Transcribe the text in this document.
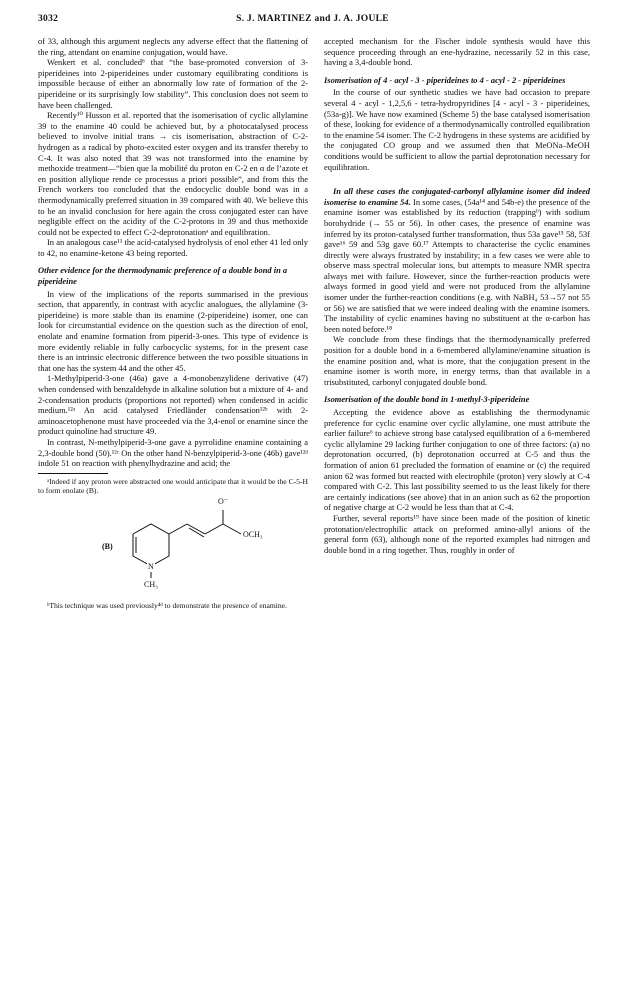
3032	S. J. MARTINEZ and J. A. JOULE

of 33, although this argument neglects any adverse effect that the flattening of the ring, attendant on enamine conjugation, would have.

Wenkert et al. concluded⁶ that “the base-promoted conversion of 3-piperideines into 2-piperideines under customary equilibrating conditions is impossible because of either an abnormally low rate of formation of the 2-piperideine or its surprisingly low stability”. This conclusion does not seem to have been challenged.

Recently¹⁰ Husson et al. reported that the isomerisation of cyclic allylamine 39 to the enamine 40 could be achieved but, by a photocatalysed process believed to involve initial trans → cis isomerisation, abstraction of C-2-hydrogen as a radical by photo-excited ester oxygen and its transfer thereby to C-4. It was also noted that 39 was not transformed into the enamine by methoxide treatment—“bien que la mobilité du proton en C-2 en α de l’azote et en position allylique rende ce processus a priori possible”, and from this the French workers too concluded that the endocyclic double bond was in a thermodynamically preferred situation in 39 compared with 40. We believe this to be an invalid conclusion for here again the cross conjugated ester can have negligible effect on the acidity of the C-2-protons in 39 and thus methoxide could not be expected to effect C-2-deprotonationᵃ and equilibration.

In an analogous case¹¹ the acid-catalysed hydrolysis of enol ether 41 led only to 42, no enamine-ketone 43 being reported.

Other evidence for the thermodynamic preference of a double bond in a piperideine

In view of the implications of the reports summarised in the previous section, that apparently, in contrast with acyclic analogues, the allylamine (3-piperideine) is more stable than its enamine (2-piperideine) isomer, one can look for circumstantial evidence on the question such as the direction of enol, enolate and enamine formation from piperid-3-ones. This type of evidence is more evidently reliable in fully carbocyclic systems, for in the present case there is an intrinsic electronic difference between the two possible situations in that one has the system 44 and the other 45.

1-Methylpiperid-3-one (46a) gave a 4-monobenzylidene derivative (47) when condensed with benzaldehyde in alkaline solution but a mixture of 4- and 2-condensation products (proportions not reported) when condensed in acidic medium.¹²ᵃ An acid catalysed Friedländer condensation¹²ᵇ with 2-aminoacetophenone must have proceeded via the 3,4-enol or enamine since the product quinoline had structure 49.

In contrast, N-methylpiperid-3-one gave a pyrrolidine enamine containing a 2,3-double bond (50).¹²ᶜ On the other hand N-benzylpiperid-3-one (46b) gave¹²ᵈ indole 51 on reaction with phenylhydrazine and acid; the

ᵃIndeed if any proton were abstracted one would anticipate that it would be the C-5-H to form enolate (B).

(B)
O⁻
OCH₃
N
CH₃

ᵇThis technique was used previously⁴ᵈ to demonstrate the presence of enamine.

accepted mechanism for the Fischer indole synthesis would have this sequence proceeding through an ene-hydrazine, necessarily 52 in this case, having a 3,4-double bond.

Isomerisation of 4 - acyl - 3 - piperideines to 4 - acyl - 2 - piperideines

In the course of our synthetic studies we have had occasion to prepare several 4 - acyl - 1,2,5,6 - tetra-hydropyridines [4 - acyl - 3 - piperideines, (53a-g)]. We have now examined (Scheme 5) the base catalysed isomerisation of these, looking for evidence of a thermodynamically controlled equilibration to the enamine 54 isomer. The C-2 hydrogens in these systems are acidified by the conjugated CO group and we assumed then that MeONa–MeOH conditions would be sufficient to allow the partial deprotonation necessary for equilibration.

In all these cases the conjugated-carbonyl allylamine isomer did indeed isomerise to enamine 54. In some cases, (54a¹⁴ and 54b-e) the presence of the enamine isomer was established by its reduction (trappingᵇ) with sodium borohydride (→ 55 or 56). In other cases, the presence of enamine was inferred by its proton-catalysed further transformation, thus 53a gave¹⁵ 58, 53f gave¹⁶ 59 and 53g gave 60.¹⁷ Attempts to characterise the cyclic enamines directly were always frustrated by instability; in a few cases we were able to observe mass spectral molecular ions, but attempts to measure NMR spectra always met with failure. However, since the further-reaction products were always formed in good yield and were not produced from the allylamine isomer under the further-reaction conditions (e.g. with NaBH₄ 53→57 not 55 or 56) we are satisfied that we were indeed dealing with the enamine isomers. The instability of cyclic enamines having no substituent at the α-carbon has been noted before.¹⁸

We conclude from these findings that the thermodynamically preferred position for a double bond in a 6-membered allylamine/enamine situation is the enamine position and, what is more, that the conjugation present in the enamine isomer is worth more, in energy terms, than that available in a trisubstituted, carbonyl conjugated double bond.

Isomerisation of the double bond in 1-methyl-3-piperideine

Accepting the evidence above as establishing the thermodynamic preference for cyclic enamine over cyclic allylamine, one must attribute the earlier failure⁶ to achieve strong base catalysed equilibration of a 6-membered cyclic allylamine 29 lacking further conjugation to one of three factors: (a) no deprotonation occurred, (b) deprotonation occurred at C-5 and thus the formation of anion 61 precluded the formation of enamine or (c) the required anion 62 was formed but reacted with electrophile (proton) very slowly at C-4 compared with C-2. This last possibility seemed to us the least likely for there are certainly indications (see above) that in an anion such as 62 the proportion of negative charge at C-2 would be less than that at C-4.

Further, several reports¹⁹ have since been made of the position of kinetic protonation/electrophilic attack on preformed amino-allyl anions of the general form (63), although none of the reported examples had nitrogen and double bond in a ring together. Thus, roughly in order of
